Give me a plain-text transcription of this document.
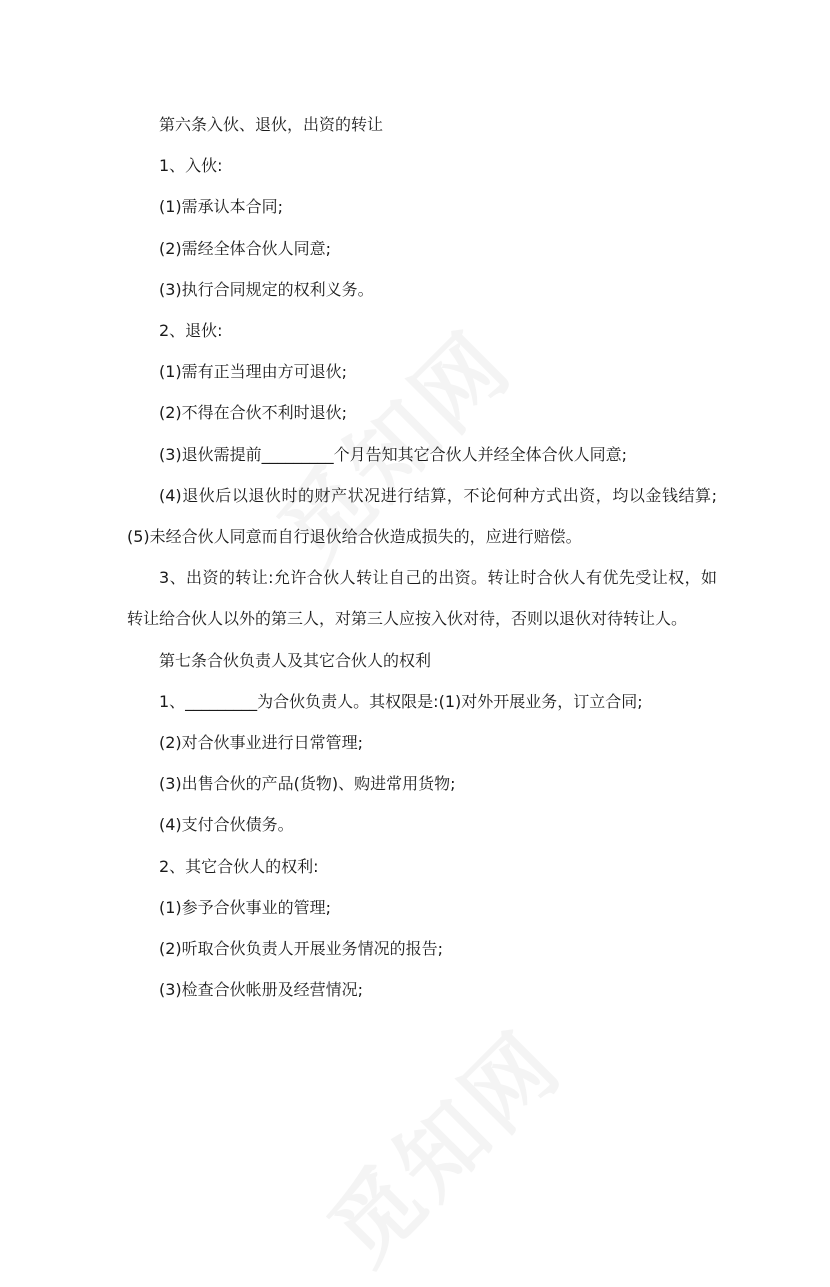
第六条入伙、退伙，出资的转让

1、入伙:

(1)需承认本合同;

(2)需经全体合伙人同意;

(3)执行合同规定的权利义务。

2、退伙:

(1)需有正当理由方可退伙;

(2)不得在合伙不利时退伙;

(3)退伙需提前_________个月告知其它合伙人并经全体合伙人同意;

(4)退伙后以退伙时的财产状况进行结算，不论何种方式出资，均以金钱结算;(5)未经合伙人同意而自行退伙给合伙造成损失的，应进行赔偿。

3、出资的转让:允许合伙人转让自己的出资。转让时合伙人有优先受让权，如转让给合伙人以外的第三人，对第三人应按入伙对待，否则以退伙对待转让人。

第七条合伙负责人及其它合伙人的权利

1、_________为合伙负责人。其权限是:(1)对外开展业务，订立合同;

(2)对合伙事业进行日常管理;

(3)出售合伙的产品(货物)、购进常用货物;

(4)支付合伙债务。

2、其它合伙人的权利:

(1)参予合伙事业的管理;

(2)听取合伙负责人开展业务情况的报告;

(3)检查合伙帐册及经营情况;
